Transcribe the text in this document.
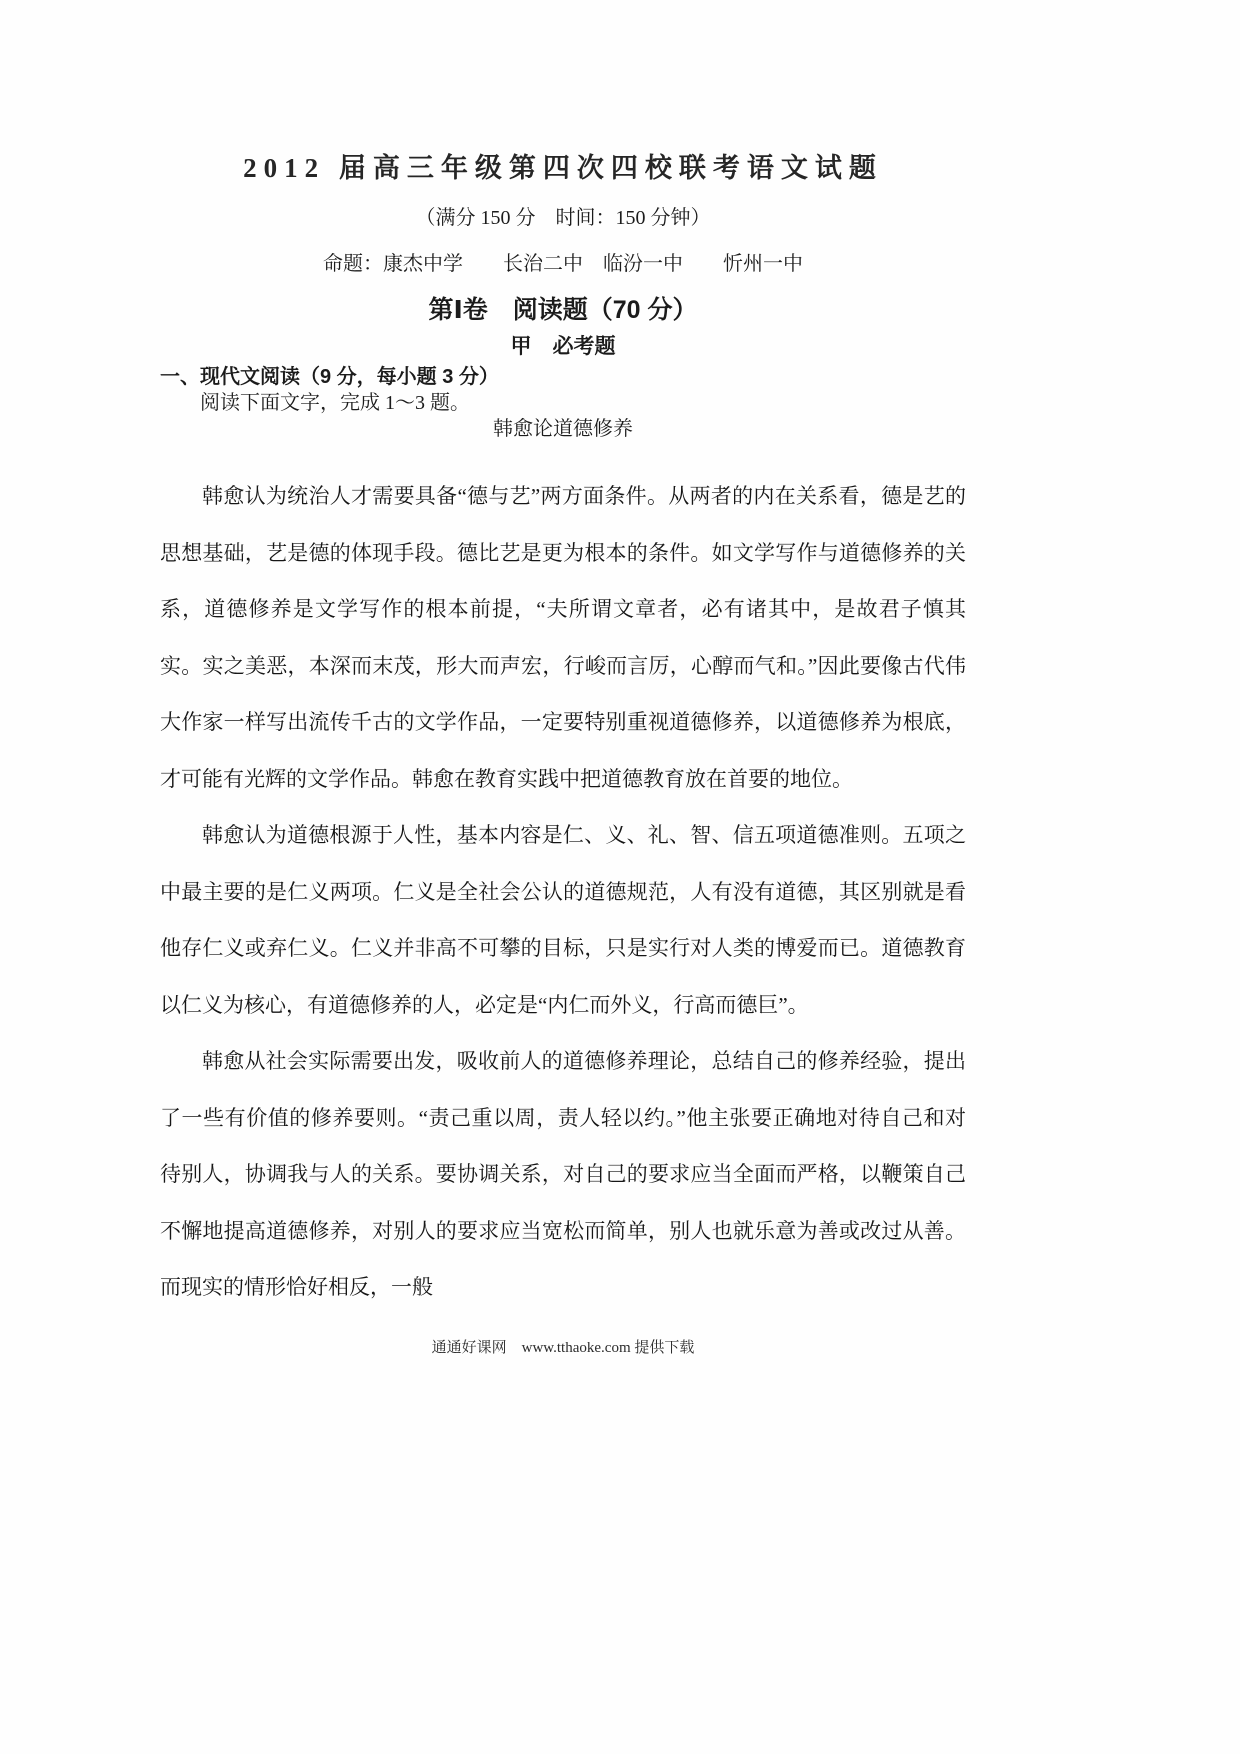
2012 届高三年级第四次四校联考语文试题
（满分 150 分　时间：150 分钟）
命题：康杰中学　　长治二中　临汾一中　　忻州一中
第Ⅰ卷　阅读题（70 分）
甲　必考题
一、现代文阅读（9 分，每小题 3 分）
阅读下面文字，完成 1～3 题。
韩愈论道德修养

韩愈认为统治人才需要具备“德与艺”两方面条件。从两者的内在关系看，德是艺的思想基础，艺是德的体现手段。德比艺是更为根本的条件。如文学写作与道德修养的关系，道德修养是文学写作的根本前提，“夫所谓文章者，必有诸其中，是故君子慎其实。实之美恶，本深而末茂，形大而声宏，行峻而言厉，心醇而气和。”因此要像古代伟大作家一样写出流传千古的文学作品，一定要特别重视道德修养，以道德修养为根底，才可能有光辉的文学作品。韩愈在教育实践中把道德教育放在首要的地位。

韩愈认为道德根源于人性，基本内容是仁、义、礼、智、信五项道德准则。五项之中最主要的是仁义两项。仁义是全社会公认的道德规范，人有没有道德，其区别就是看他存仁义或弃仁义。仁义并非高不可攀的目标，只是实行对人类的博爱而已。道德教育以仁义为核心，有道德修养的人，必定是“内仁而外义，行高而德巨”。

韩愈从社会实际需要出发，吸收前人的道德修养理论，总结自己的修养经验，提出了一些有价值的修养要则。“责己重以周，责人轻以约。”他主张要正确地对待自己和对待别人，协调我与人的关系。要协调关系，对自己的要求应当全面而严格，以鞭策自己不懈地提高道德修养，对别人的要求应当宽松而简单，别人也就乐意为善或改过从善。而现实的情形恰好相反，一般

通通好课网　www.tthaoke.com 提供下载
